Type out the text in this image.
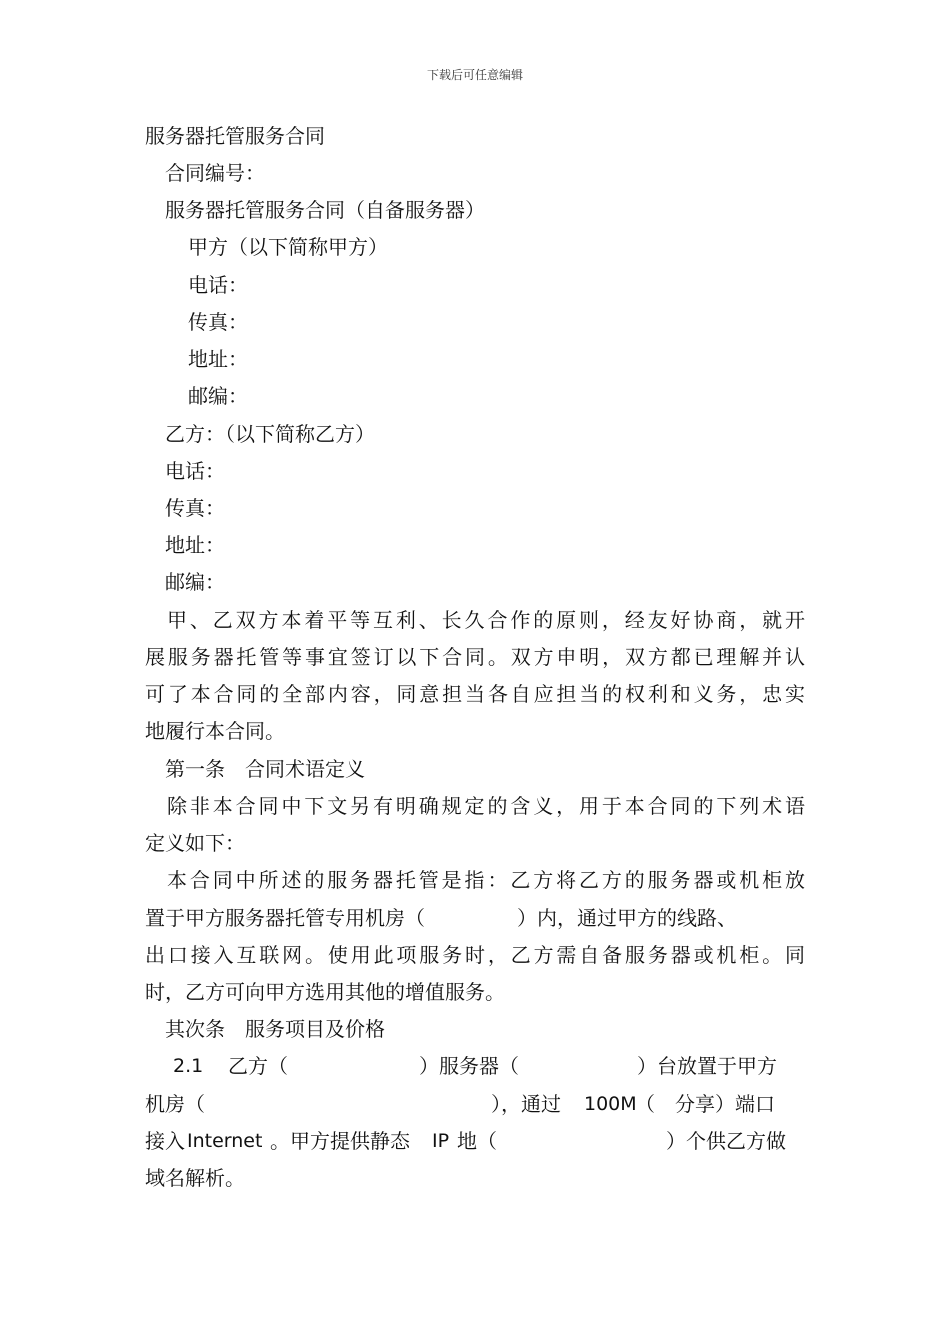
下载后可任意编辑
服务器托管服务合同
合同编号：
服务器托管服务合同（自备服务器）
甲方（以下简称甲方）
电话：
传真：
地址：
邮编：
乙方：（以下简称乙方）
电话：
传真：
地址：
邮编：
甲、乙双方本着平等互利、长久合作的原则，经友好协商，就开
展服务器托管等事宜签订以下合同。双方申明，双方都已理解并认
可了本合同的全部内容，同意担当各自应担当的权利和义务，忠实
地履行本合同。
第一条　合同术语定义
除非本合同中下文另有明确规定的含义，用于本合同的下列术语
定义如下：
本合同中所述的服务器托管是指：乙方将乙方的服务器或机柜放
置于甲方服务器托管专用机房（	）内，通过甲方的线路、
出口接入互联网。使用此项服务时，乙方需自备服务器或机柜。同
时，乙方可向甲方选用其他的增值服务。
其次条　服务项目及价格
2.1 乙方（	）服务器（	）台放置于甲方
机房（	），通过 100M
（　分享）端口
接入 Internet 。甲方提供静态 IP 地（	）个供乙方做
域名解析。
